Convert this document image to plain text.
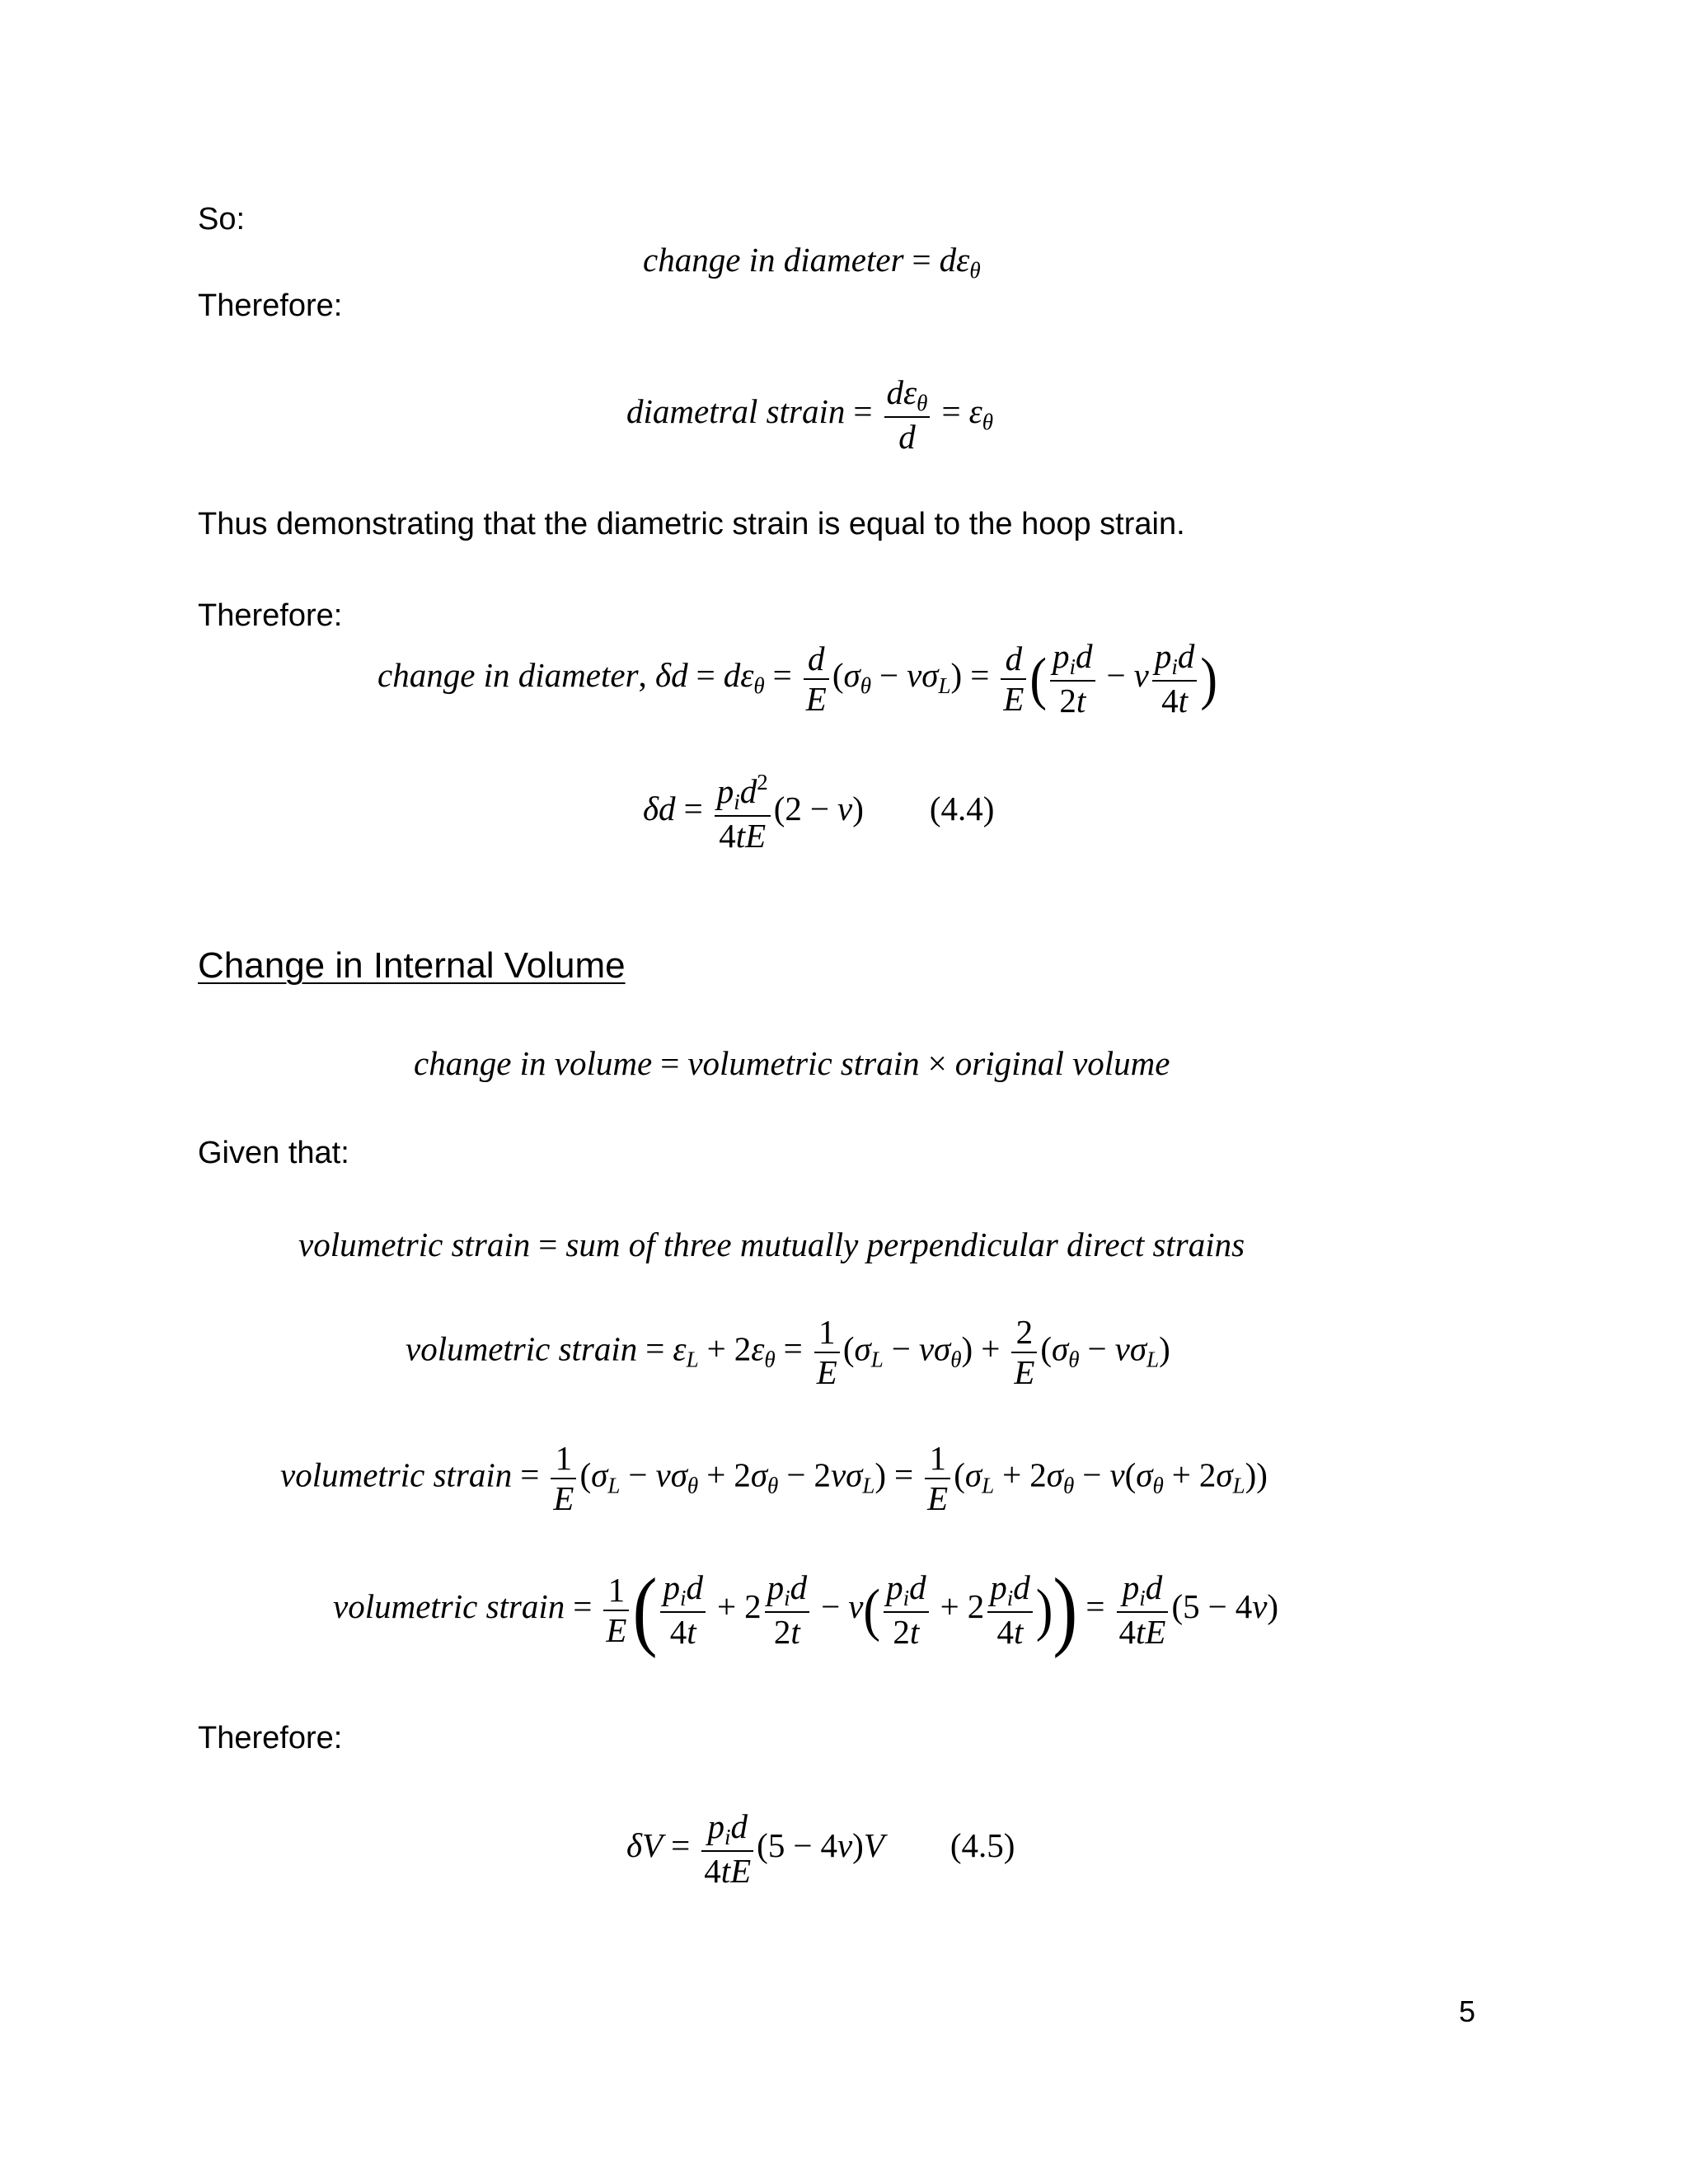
So:
change in diameter = $d\varepsilon_\theta$
Therefore:
diametral strain = $\frac{d\varepsilon_\theta}{d} = \varepsilon_\theta$
Thus demonstrating that the diametric strain is equal to the hoop strain.
Therefore:
change in diameter, $\delta d = d\varepsilon_\theta = \frac{d}{E} (\sigma_\theta - v\sigma_L) = \frac{d}{E}$ ( $\frac{p_id}{2t} - v \frac{p_id}{4t}$ )
$\delta d = \frac{p_id^2}{4tE} (2 - v)$ (4.4)
Change in Internal Volume
change in volume = volumetric strain × original volume
Given that:
volumetric strain = sum of three mutually perpendicular direct strains
volumetric strain = $\varepsilon_L + 2\varepsilon_\theta = \frac{1}{E} (\sigma_L - v\sigma_\theta) + \frac{2}{E} (\sigma_\theta - v\sigma_L)$
volumetric strain = $\frac{1}{E} (\sigma_L - v\sigma_\theta + 2\sigma_\theta - 2v\sigma_L) = \frac{1}{E} (\sigma_L + 2\sigma_\theta - v(\sigma_\theta + 2\sigma_L))$
volumetric strain = $\frac{1}{E}$ ( $\frac{p_id}{4t} + 2 \frac{p_id}{2t} - v( \frac{p_id}{2t} + 2 \frac{p_id}{4t}$ )) = $\frac{p_id}{4tE} (5 - 4v)$
Therefore:
$\delta V = \frac{p_id}{4tE} (5 - 4v)V$ (4.5)
5
